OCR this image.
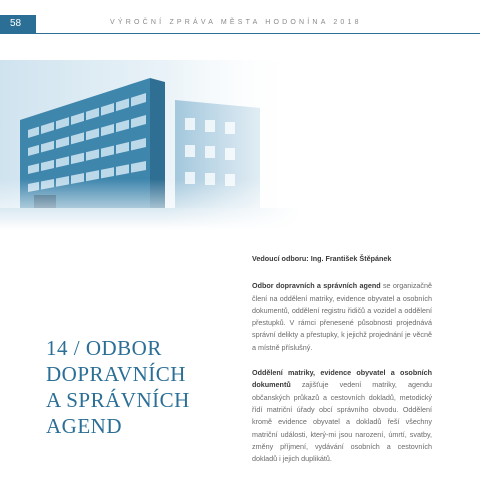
58	VÝROČNÍ ZPRÁVA MĚSTA HODONÍNA 2018
14 / ODBOR
DOPRAVNÍCH
A SPRÁVNÍCH
AGEND
Vedoucí odboru: Ing. František Štěpánek

Odbor dopravních a správních agend se organizačně člení na oddělení matriky, evidence obyvatel a osobních dokumentů, oddělení registru řidičů a vozidel a oddělení přestupků. V rámci přenesené působnosti projednává správní delikty a přestupky, k jejichž projednání je věcně a místně příslušný.

Oddělení matriky, evidence obyvatel a osobních dokumentů zajišťuje vedení matriky, agendu občanských průkazů a cestovních dokladů, metodický řídí matriční úřady obcí správního obvodu. Oddělení kromě evidence obyvatel a dokladů řeší všechny matriční události, který-mi jsou narození, úmrtí, svatby, změny příjmení, vydávání osobních a cestovních dokladů i jejich duplikátů.
